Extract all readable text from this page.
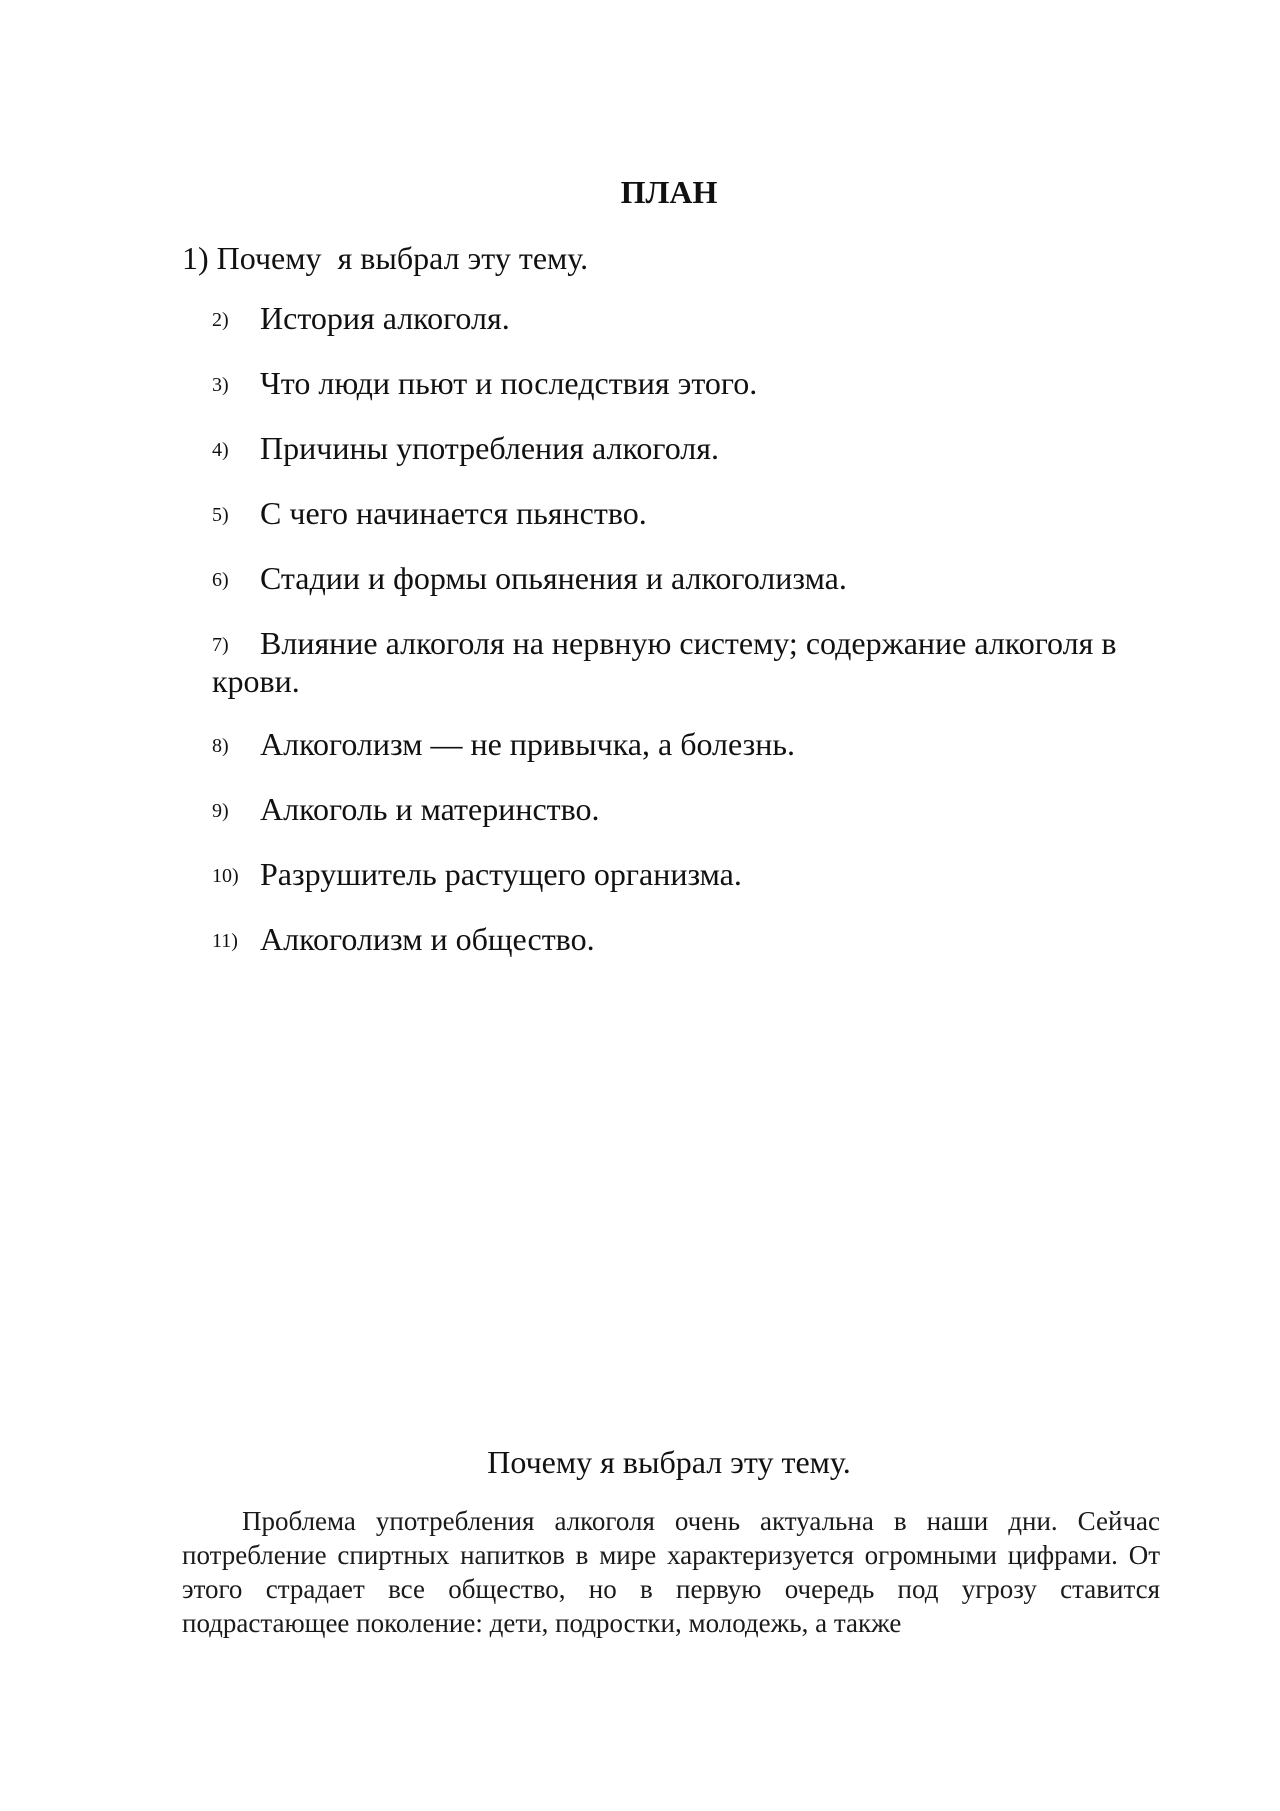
ПЛАН
1) Почему  я выбрал эту тему.
2) История алкоголя.
3) Что люди пьют и последствия этого.
4) Причины употребления алкоголя.
5) С чего начинается пьянство.
6) Стадии и формы опьянения и алкоголизма.
7) Влияние алкоголя на нервную систему; содержание алкоголя в крови.
8) Алкоголизм — не привычка, а болезнь.
9) Алкоголь и материнство.
10) Разрушитель растущего организма.
11) Алкоголизм и общество.
Почему я выбрал эту тему.

Проблема употребления алкоголя очень актуальна в наши дни. Сейчас потребление спиртных напитков в мире характеризуется огромными цифрами. От этого страдает все общество, но в первую очередь под угрозу ставится подрастающее поколение: дети, подростки, молодежь, а также
